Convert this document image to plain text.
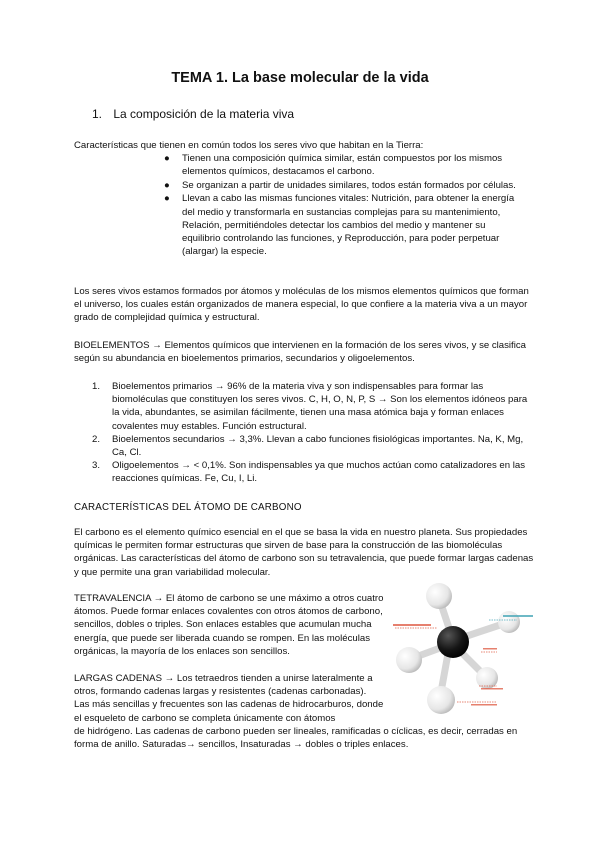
TEMA 1. La base molecular de la vida

1. La composición de la materia viva

Características que tienen en común todos los seres vivo que habitan en la Tierra:

● Tienen una composición química similar, están compuestos por los mismos elementos químicos, destacamos el carbono.
● Se organizan a partir de unidades similares, todos están formados por células.
● Llevan a cabo las mismas funciones vitales: Nutrición, para obtener la energía del medio y transformarla en sustancias complejas para su mantenimiento, Relación, permitiéndoles detectar los cambios del medio y mantener su equilibrio controlando las funciones, y Reproducción, para poder perpetuar (alargar) la especie.

Los seres vivos estamos formados por átomos y moléculas de los mismos elementos químicos que forman el universo, los cuales están organizados de manera especial, lo que confiere a la materia viva a un mayor grado de complejidad química y estructural.

BIOELEMENTOS → Elementos químicos que intervienen en la formación de los seres vivos, y se clasifica según su abundancia en bioelementos primarios, secundarios y oligoelementos.

1. Bioelementos primarios → 96% de la materia viva y son indispensables para formar las biomoléculas que constituyen los seres vivos. C, H, O, N, P, S → Son los elementos idóneos para la vida, abundantes, se asimilan fácilmente, tienen una masa atómica baja y forman enlaces covalentes muy estables. Función estructural.
2. Bioelementos secundarios → 3,3%. Llevan a cabo funciones fisiológicas importantes. Na, K, Mg, Ca, Cl.
3. Oligoelementos → < 0,1%. Son indispensables ya que muchos actúan como catalizadores en las reacciones químicas. Fe, Cu, I, Li.

CARACTERÍSTICAS DEL ÁTOMO DE CARBONO

El carbono es el elemento químico esencial en el que se basa la vida en nuestro planeta. Sus propiedades químicas le permiten formar estructuras que sirven de base para la construcción de las biomoléculas orgánicas. Las características del átomo de carbono son su tetravalencia, que puede formar largas cadenas y que permite una gran variabilidad molecular.

TETRAVALENCIA → El átomo de carbono se une máximo a otros cuatro átomos. Puede formar enlaces covalentes con otros átomos de carbono, sencillos, dobles o triples. Son enlaces estables que acumulan mucha energía, que puede ser liberada cuando se rompen. En las moléculas orgánicas, la mayoría de los enlaces son sencillos.

LARGAS CADENAS → Los tetraedros tienden a unirse lateralmente a otros, formando cadenas largas y resistentes (cadenas carbonadas). Las más sencillas y frecuentes son las cadenas de hidrocarburos, donde el esqueleto de carbono se completa únicamente con átomos

de hidrógeno. Las cadenas de carbono pueden ser lineales, ramificadas o cíclicas, es decir, cerradas en forma de anillo. Saturadas→ sencillos, Insaturadas → dobles o triples enlaces.
